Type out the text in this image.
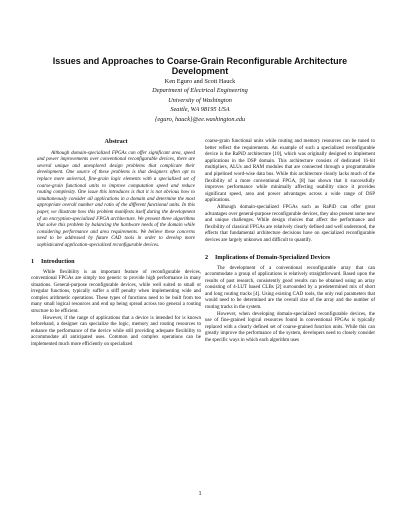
Issues and Approaches to Coarse-Grain Reconfigurable Architecture Development
Ken Eguro and Scott Hauck
Department of Electrical Engineering
University of Washington
Seattle, WA 98195 USA
{eguro, hauck}@ee.washington.edu
Abstract

Although domain-specialized FPGAs can offer significant area, speed and power improvements over conventional reconfigurable devices, there are several unique and unexplored design problems that complicate their development. One source of these problems is that designers often opt to replace more universal, fine-grain logic elements with a specialized set of coarse-grain functional units to improve computation speed and reduce routing complexity. One issue this introduces is that it is not obvious how to simultaneously consider all applications in a domain and determine the most appropriate overall number and ratio of the different functional units. In this paper, we illustrate how this problem manifests itself during the development of an encryption-specialized FPGA architecture. We present three algorithms that solve this problem by balancing the hardware needs of the domain while considering performance and area requirements. We believe these concerns need to be addressed by future CAD tools in order to develop more sophisticated application-specialized reconfigurable devices.

1 Introduction

While flexibility is an important feature of reconfigurable devices, conventional FPGAs are simply too generic to provide high performance in many situations. General-purpose reconfigurable devices, while well suited to small or irregular functions, typically suffer a stiff penalty when implementing wide and complex arithmetic operations. These types of functions need to be built from too many small logical resources and end up being spread across too general a routing structure to be efficient.

However, if the range of applications that a device is intended for is known beforehand, a designer can specialize the logic, memory and routing resources to enhance the performance of the device while still providing adequate flexibility to accommodate all anticipated uses. Common and complex operations can be implemented much more efficiently on specialized

coarse-grain functional units while routing and memory resources can be tuned to better reflect the requirements. An example of such a specialized reconfigurable device is the RaPiD architecture [10], which was originally designed to implement applications in the DSP domain. This architecture consists of dedicated 16-bit multipliers, ALUs and RAM modules that are connected through a programmable and pipelined word-wise data bus. While this architecture clearly lacks much of the flexibility of a more conventional FPGA, [8] has shown that it successfully improves performance while minimally affecting usability since it provides significant speed, area and power advantages across a wide range of DSP applications.

Although domain-specialized FPGAs such as RaPiD can offer great advantages over general-purpose reconfigurable devices, they also present some new and unique challenges. While design choices that affect the performance and flexibility of classical FPGAs are relatively clearly defined and well understood, the effects that fundamental architecture decisions have on specialized reconfigurable devices are largely unknown and difficult to quantify.

2 Implications of Domain-Specialized Devices

The development of a conventional reconfigurable array that can accommodate a group of applications is relatively straightforward. Based upon the results of past research, consistently good results can be obtained using an array consisting of 4-LUT based CLBs [2] surrounded by a predetermined mix of short and long routing tracks [4]. Using existing CAD tools, the only real parameters that would need to be determined are the overall size of the array and the number of routing tracks in the system.

However, when developing domain-specialized reconfigurable devices, the use of fine-grained logical resources found in conventional FPGAs is typically replaced with a clearly defined set of coarse-grained function units. While this can greatly improve the performance of the system, developers need to closely consider the specific ways in which each algorithm uses

1
